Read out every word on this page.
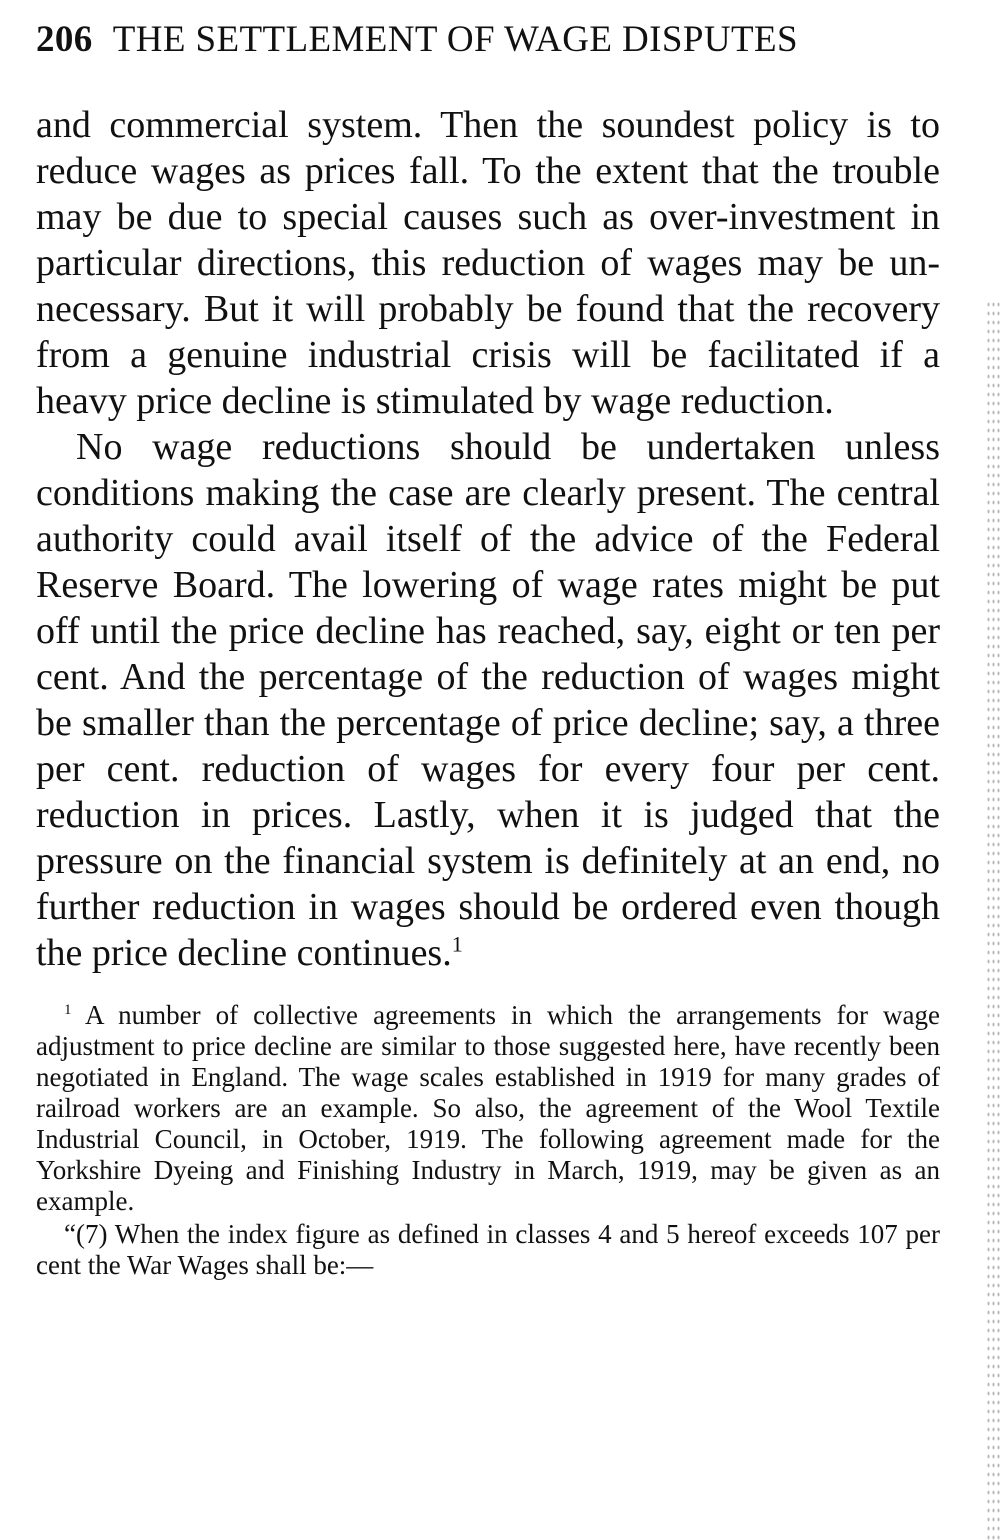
206 THE SETTLEMENT OF WAGE DISPUTES

and commercial system. Then the soundest policy is to reduce wages as prices fall. To the extent that the trouble may be due to special causes such as over-investment in particular directions, this reduction of wages may be unnecessary. But it will probably be found that the recovery from a genuine industrial crisis will be facilitated if a heavy price decline is stimulated by wage reduction.

No wage reductions should be undertaken unless conditions making the case are clearly present. The central authority could avail itself of the advice of the Federal Reserve Board. The lowering of wage rates might be put off until the price decline has reached, say, eight or ten per cent. And the percentage of the reduction of wages might be smaller than the percentage of price decline; say, a three per cent. reduction of wages for every four per cent. reduction in prices. Lastly, when it is judged that the pressure on the financial system is definitely at an end, no further reduction in wages should be ordered even though the price decline continues.$^1$

$^1$ A number of collective agreements in which the arrangements for wage adjustment to price decline are similar to those suggested here, have recently been negotiated in England. The wage scales established in 1919 for many grades of railroad workers are an example. So also, the agreement of the Wool Textile Industrial Council, in October, 1919. The following agreement made for the Yorkshire Dyeing and Finishing Industry in March, 1919, may be given as an example.

“(7) When the index figure as defined in classes 4 and 5 hereof exceeds 107 per cent the War Wages shall be:—
